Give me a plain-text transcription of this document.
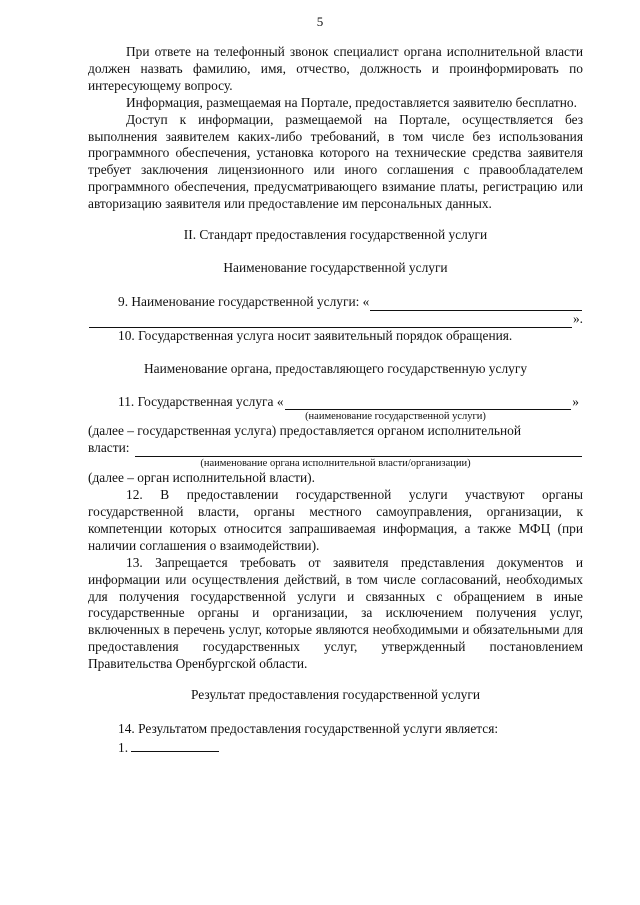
5

При ответе на телефонный звонок специалист органа исполнительной власти должен назвать фамилию, имя, отчество, должность и проинформировать по интересующему вопросу.

Информация, размещаемая на Портале, предоставляется заявителю бесплатно.

Доступ к информации, размещаемой на Портале, осуществляется без выполнения заявителем каких-либо требований, в том числе без использования программного обеспечения, установка которого на технические средства заявителя требует заключения лицензионного или иного соглашения с правообладателем программного обеспечения, предусматривающего взимание платы, регистрацию или авторизацию заявителя или предоставление им персональных данных.

II. Стандарт предоставления государственной услуги

Наименование государственной услуги

9. Наименование государственной услуги: «
».

10. Государственная услуга носит заявительный порядок обращения.

Наименование органа, предоставляющего государственную услугу

11. Государственная услуга «	»
(наименование государственной услуги)

(далее – государственная услуга) предоставляется органом исполнительной

власти:
(наименование органа исполнительной власти/организации)

(далее – орган исполнительной власти).

12. В предоставлении государственной услуги участвуют органы государственной власти, органы местного самоуправления, организации, к компетенции которых относится запрашиваемая информация, а также МФЦ (при наличии соглашения о взаимодействии).

13. Запрещается требовать от заявителя представления документов и информации или осуществления действий, в том числе согласований, необходимых для получения государственной услуги и связанных с обращением в иные государственные органы и организации, за исключением получения услуг, включенных в перечень услуг, которые являются необходимыми и обязательными для предоставления государственных услуг, утвержденный постановлением Правительства Оренбургской области.

Результат предоставления государственной услуги

14. Результатом предоставления государственной услуги является:

1.
